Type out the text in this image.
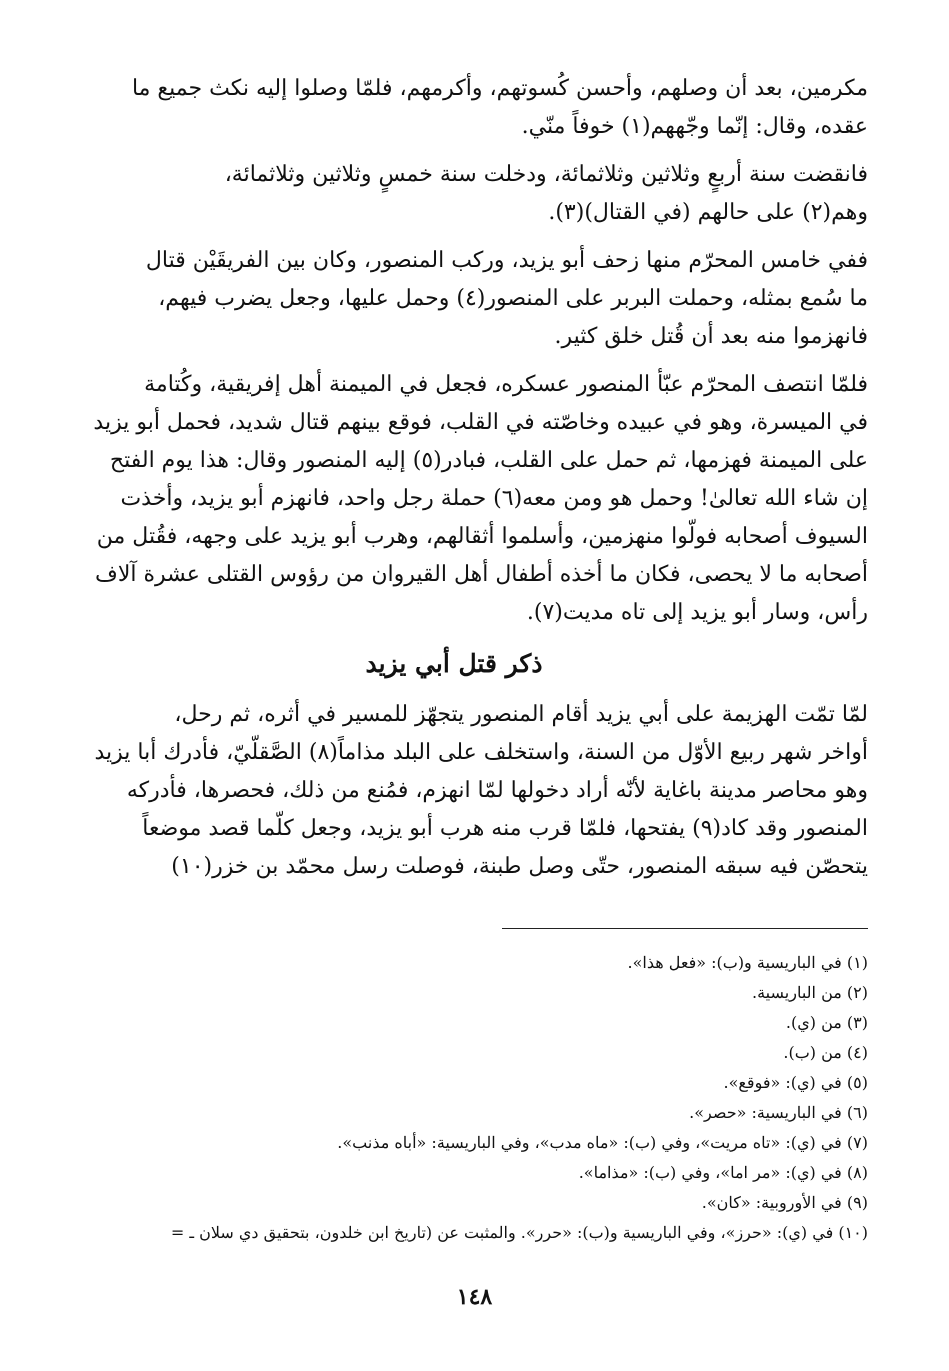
مكرمين، بعد أن وصلهم، وأحسن كُسوتهم، وأكرمهم، فلمّا وصلوا إليه نكث جميع ما
عقده، وقال: إنّما وجّههم(١) خوفاً منّي.

فانقضت سنة أربعٍ وثلاثين وثلاثمائة، ودخلت سنة خمسٍ وثلاثين وثلاثمائة،
وهم(٢) على حالهم (في القتال)(٣).

ففي خامس المحرّم منها زحف أبو يزيد، وركب المنصور، وكان بين الفريقَيْن قتال
ما سُمع بمثله، وحملت البربر على المنصور(٤) وحمل عليها، وجعل يضرب فيهم،
فانهزموا منه بعد أن قُتل خلق كثير.

فلمّا انتصف المحرّم عبّأ المنصور عسكره، فجعل في الميمنة أهل إفريقية، وكُتامة
في الميسرة، وهو في عبيده وخاصّته في القلب، فوقع بينهم قتال شديد، فحمل أبو يزيد
على الميمنة فهزمها، ثم حمل على القلب، فبادر(٥) إليه المنصور وقال: هذا يوم الفتح
إن شاء الله تعالىٰ! وحمل هو ومن معه(٦) حملة رجل واحد، فانهزم أبو يزيد، وأخذت
السيوف أصحابه فولّوا منهزمين، وأسلموا أثقالهم، وهرب أبو يزيد على وجهه، فقُتل من
أصحابه ما لا يحصى، فكان ما أخذه أطفال أهل القيروان من رؤوس القتلى عشرة آلاف
رأس، وسار أبو يزيد إلى تاه مديت(٧).

ذكر قتل أبي يزيد

لمّا تمّت الهزيمة على أبي يزيد أقام المنصور يتجهّز للمسير في أثره، ثم رحل،
أواخر شهر ربيع الأوّل من السنة، واستخلف على البلد مذاماً(٨) الصَّقلّيّ، فأدرك أبا يزيد
وهو محاصر مدينة باغاية لأنّه أراد دخولها لمّا انهزم، فمُنع من ذلك، فحصرها، فأدركه
المنصور وقد كاد(٩) يفتحها، فلمّا قرب منه هرب أبو يزيد، وجعل كلّما قصد موضعاً
يتحصّن فيه سبقه المنصور، حتّى وصل طبنة، فوصلت رسل محمّد بن خزر(١٠)

(١) في الباريسية و(ب): «فعل هذا».
(٢) من الباريسية.
(٣) من (ي).
(٤) من (ب).
(٥) في (ي): «فوقع».
(٦) في الباريسية: «حصر».
(٧) في (ي): «تاه مريت»، وفي (ب): «ماه مدب»، وفي الباريسية: «أباه مذنب».
(٨) في (ي): «مر اما»، وفي (ب): «مذاما».
(٩) في الأوروبية: «كان».
(١٠) في (ي): «حرز»، وفي الباريسية و(ب): «حرر». والمثبت عن (تاريخ ابن خلدون، بتحقيق دي سلان ـ =
١٤٨
